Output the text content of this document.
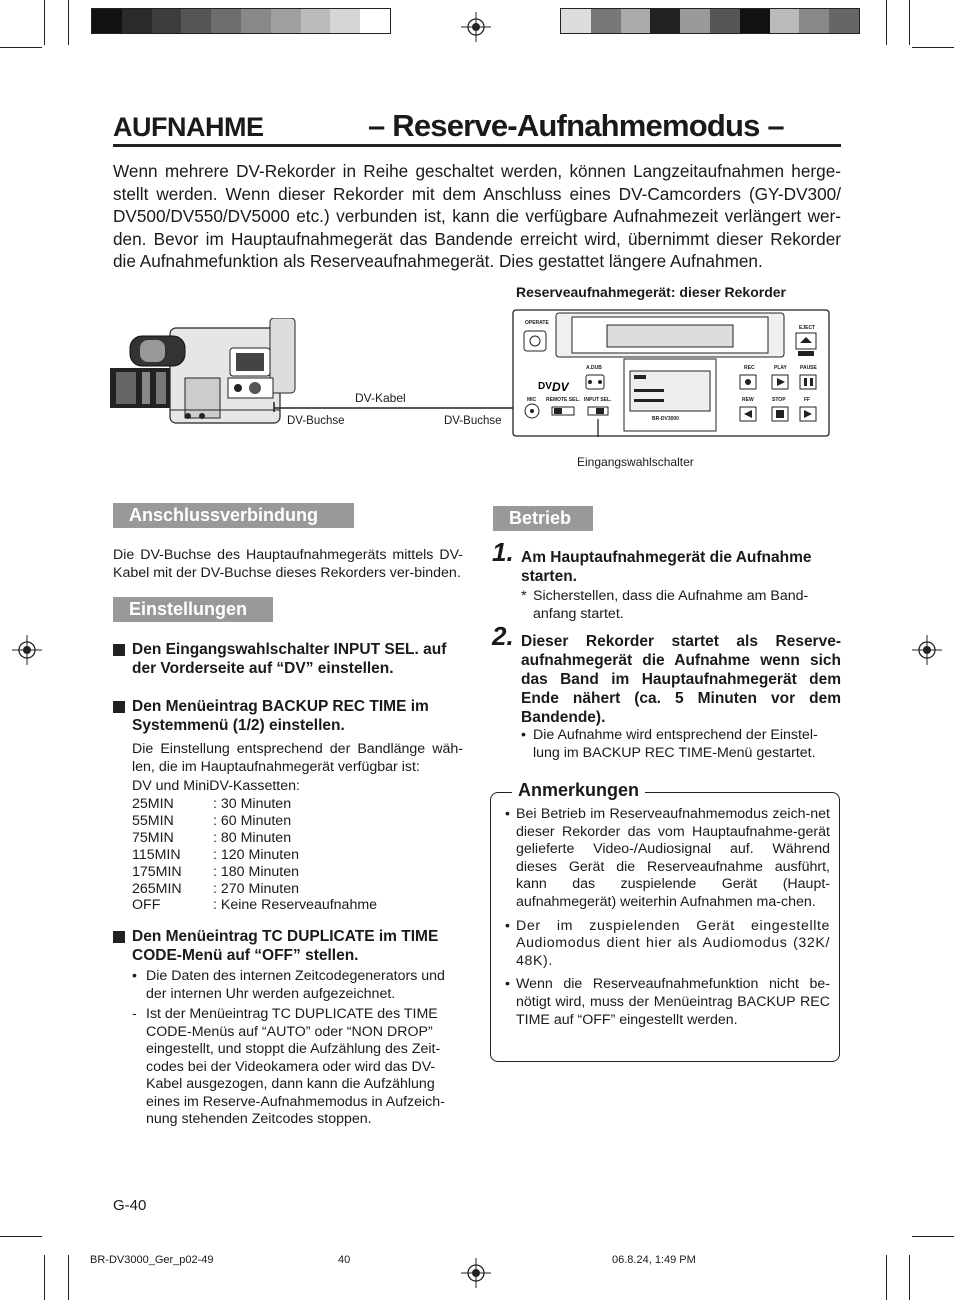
AUFNAHME	– Reserve-Aufnahmemodus –
Wenn mehrere DV-Rekorder in Reihe geschaltet werden, können Langzeitaufnahmen herge-stellt werden. Wenn dieser Rekorder mit dem Anschluss eines DV-Camcorders (GY-DV300/ DV500/DV550/DV5000 etc.) verbunden ist, kann die verfügbare Aufnahmezeit verlängert wer-den. Bevor im Hauptaufnahmegerät das Bandende erreicht wird, übernimmt dieser Rekorder die Aufnahmefunktion als Reserveaufnahmegerät. Dies gestattet längere Aufnahmen.
Reserveaufnahmegerät: dieser Rekorder
DV-Kabel
DV-Buchse	DV-Buchse
DV DV
OPERATE
EJECT
A.DUB
MIC REMOTE SEL. INPUT SEL.
BR-DV3000
REC	PLAY	PAUSE
REW	STOP	FF
Eingangswahlschalter
Anschlussverbindung
Die DV-Buchse des Hauptaufnahmegeräts mittels DV-Kabel mit der DV-Buchse dieses Rekorders ver-binden.
Einstellungen
Den Eingangswahlschalter INPUT SEL. auf der Vorderseite auf “DV” einstellen.
Den Menüeintrag BACKUP REC TIME im Systemmenü (1/2) einstellen.
Die Einstellung entsprechend der Bandlänge wäh-len, die im Hauptaufnahmegerät verfügbar ist:
DV und MiniDV-Kassetten:
25MIN	: 30 Minuten
55MIN	: 60 Minuten
75MIN	: 80 Minuten
115MIN	: 120 Minuten
175MIN	: 180 Minuten
265MIN	: 270 Minuten
OFF	: Keine Reserveaufnahme
Den Menüeintrag TC DUPLICATE im TIME CODE-Menü auf “OFF” stellen.
• Die Daten des internen Zeitcodegenerators und der internen Uhr werden aufgezeichnet.
- Ist der Menüeintrag TC DUPLICATE des TIME CODE-Menüs auf “AUTO” oder “NON DROP” eingestellt, und stoppt die Aufzählung des Zeit-codes bei der Videokamera oder wird das DV-Kabel ausgezogen, dann kann die Aufzählung eines im Reserve-Aufnahmemodus in Aufzeich-nung stehenden Zeitcodes stoppen.
Betrieb
1. Am Hauptaufnahmegerät die Aufnahme starten.
* Sicherstellen, dass die Aufnahme am Band-anfang startet.
2. Dieser Rekorder startet als Reserve-aufnahmegerät die Aufnahme wenn sich das Band im Hauptaufnahmegerät dem Ende nähert (ca. 5 Minuten vor dem Bandende).
• Die Aufnahme wird entsprechend der Einstel-lung im BACKUP REC TIME-Menü gestartet.
Anmerkungen
• Bei Betrieb im Reserveaufnahmemodus zeich-net dieser Rekorder das vom Hauptaufnahme-gerät gelieferte Video-/Audiosignal auf. Während dieses Gerät die Reserveaufnahme ausführt, kann das zuspielende Gerät (Haupt-aufnahmegerät) weiterhin Aufnahmen ma-chen.
• Der im zuspielenden Gerät eingestellte Audiomodus dient hier als Audiomodus (32K/ 48K).
• Wenn die Reserveaufnahmefunktion nicht be-nötigt wird, muss der Menüeintrag BACKUP REC TIME auf “OFF” eingestellt werden.
G-40
BR-DV3000_Ger_p02-49	40	06.8.24, 1:49 PM
